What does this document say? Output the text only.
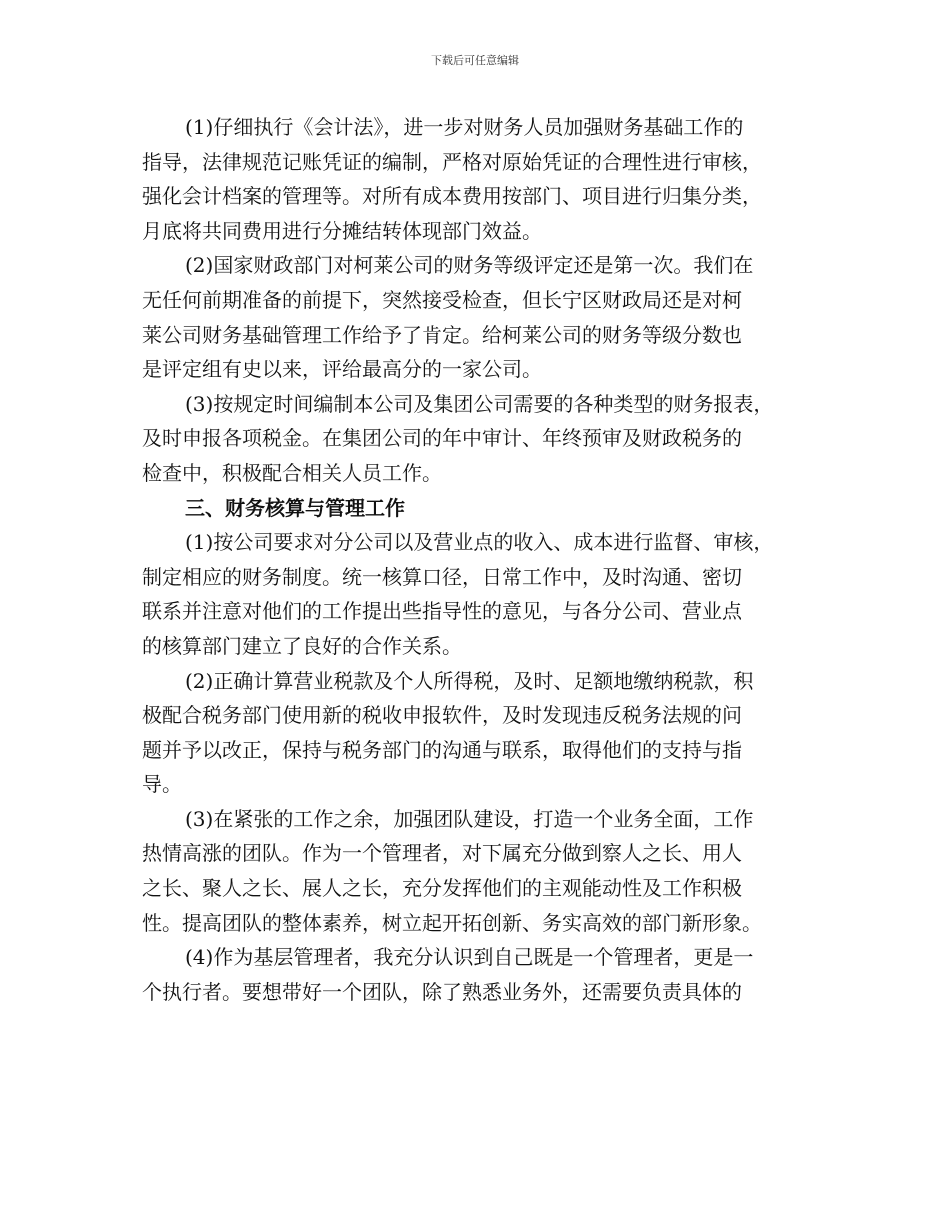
下载后可任意编辑
(1)仔细执行《会计法》，进一步对财务人员加强财务基础工作的
指导，法律规范记账凭证的编制，严格对原始凭证的合理性进行审核，
强化会计档案的管理等。对所有成本费用按部门、项目进行归集分类，
月底将共同费用进行分摊结转体现部门效益。
(2)国家财政部门对柯莱公司的财务等级评定还是第一次。我们在
无任何前期准备的前提下，突然接受检查，但长宁区财政局还是对柯
莱公司财务基础管理工作给予了肯定。给柯莱公司的财务等级分数也
是评定组有史以来，评给最高分的一家公司。
(3)按规定时间编制本公司及集团公司需要的各种类型的财务报表，
及时申报各项税金。在集团公司的年中审计、年终预审及财政税务的
检查中，积极配合相关人员工作。
三、财务核算与管理工作
(1)按公司要求对分公司以及营业点的收入、成本进行监督、审核，
制定相应的财务制度。统一核算口径，日常工作中，及时沟通、密切
联系并注意对他们的工作提出些指导性的意见，与各分公司、营业点
的核算部门建立了良好的合作关系。
(2)正确计算营业税款及个人所得税，及时、足额地缴纳税款，积
极配合税务部门使用新的税收申报软件，及时发现违反税务法规的问
题并予以改正，保持与税务部门的沟通与联系，取得他们的支持与指
导。
(3)在紧张的工作之余，加强团队建设，打造一个业务全面，工作
热情高涨的团队。作为一个管理者，对下属充分做到察人之长、用人
之长、聚人之长、展人之长，充分发挥他们的主观能动性及工作积极
性。提高团队的整体素养，树立起开拓创新、务实高效的部门新形象。
(4)作为基层管理者，我充分认识到自己既是一个管理者，更是一
个执行者。要想带好一个团队，除了熟悉业务外，还需要负责具体的
